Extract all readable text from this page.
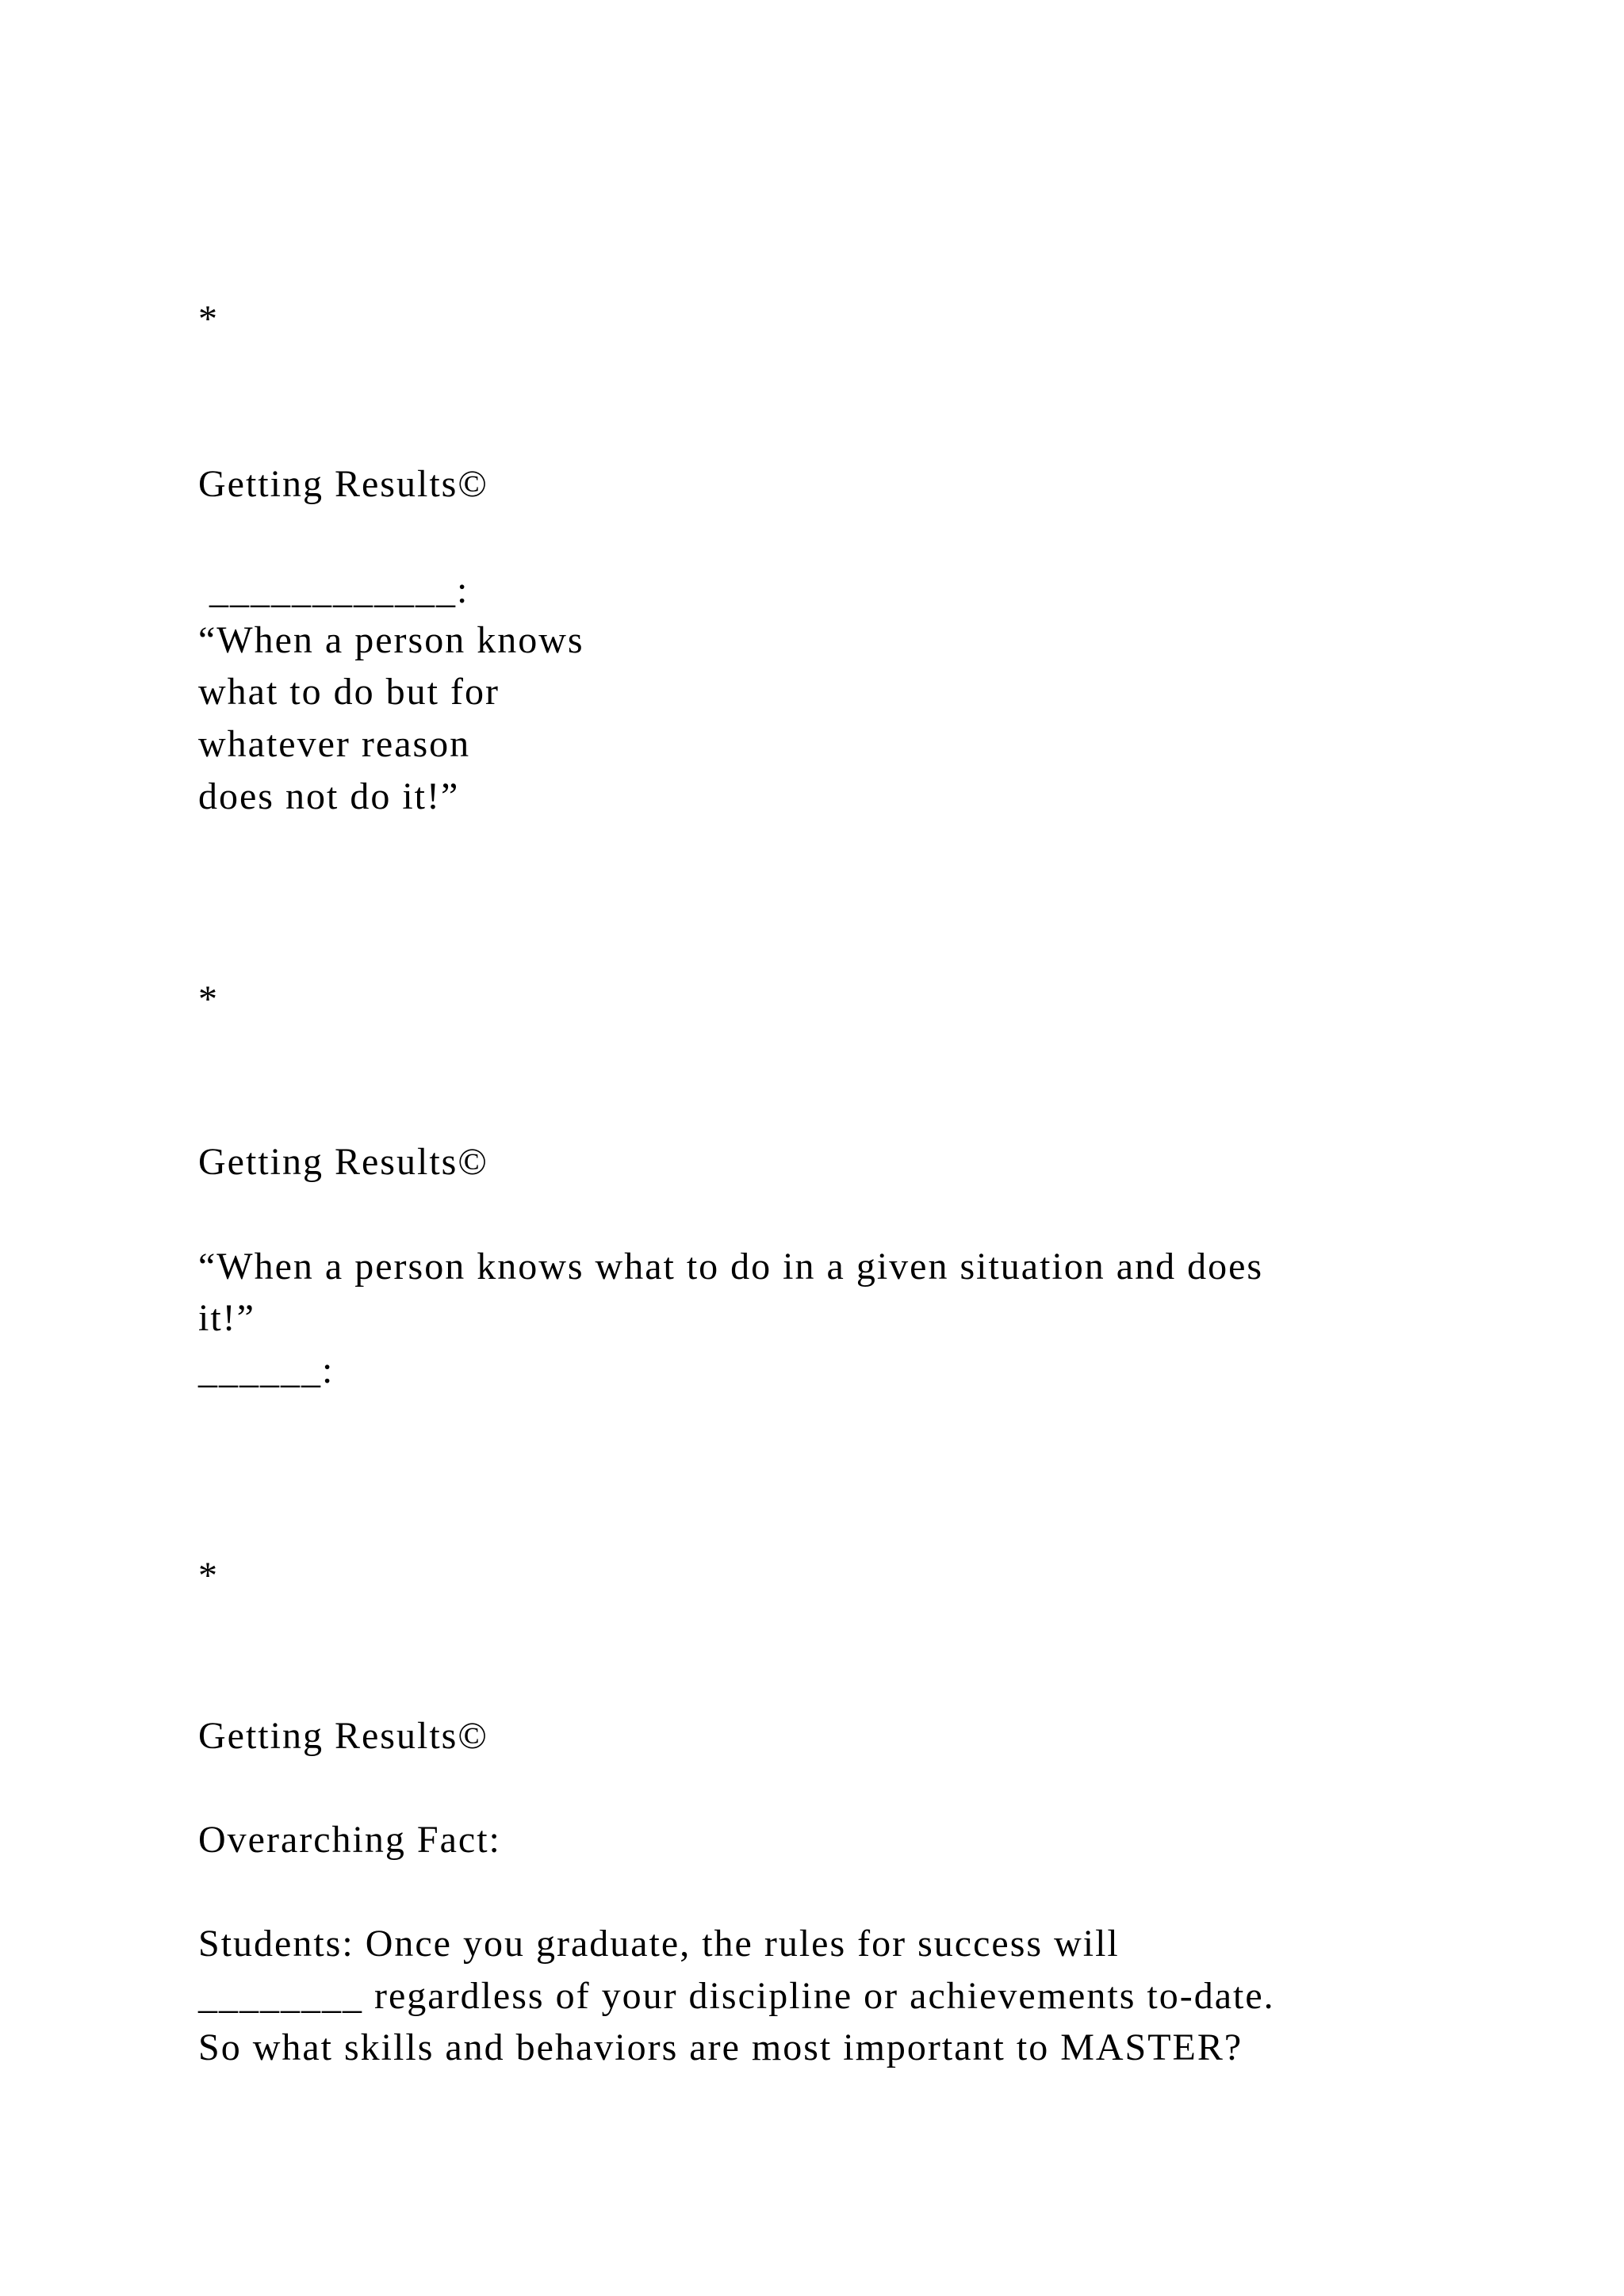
*

Getting Results©

____________:

“When a person knows

what to do but for

whatever reason

does not do it!”

*

Getting Results©

“When a person knows what to do in a given situation and does

it!”

______:

*

Getting Results©

Overarching Fact:

Students: Once you graduate, the rules for success will

________ regardless of your discipline or achievements to-date.

So what skills and behaviors are most important to MASTER?
